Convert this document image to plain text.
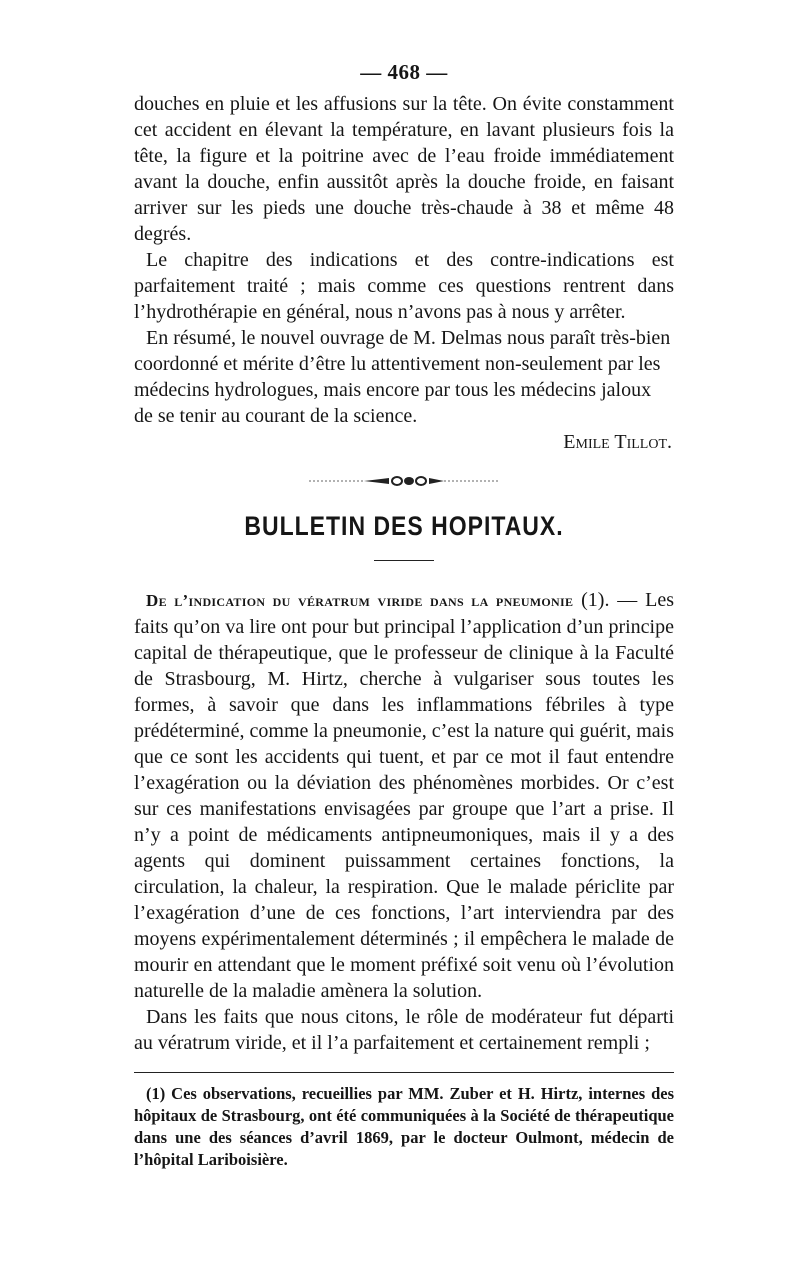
— 468 —

douches en pluie et les affusions sur la tête. On évite constamment cet accident en élevant la température, en lavant plusieurs fois la tête, la figure et la poitrine avec de l’eau froide immédiatement avant la douche, enfin aussitôt après la douche froide, en faisant arriver sur les pieds une douche très-chaude à 38 et même 48 degrés.

Le chapitre des indications et des contre-indications est parfaitement traité ; mais comme ces questions rentrent dans l’hydrothérapie en général, nous n’avons pas à nous y arrêter.

En résumé, le nouvel ouvrage de M. Delmas nous paraît très-bien coordonné et mérite d’être lu attentivement non-seulement par les médecins hydrologues, mais encore par tous les médecins jaloux de se tenir au courant de la science.

Emile Tillot.

BULLETIN DES HOPITAUX.

De l’indication du vératrum viride dans la pneumonie (1). — Les faits qu’on va lire ont pour but principal l’application d’un principe capital de thérapeutique, que le professeur de clinique à la Faculté de Strasbourg, M. Hirtz, cherche à vulgariser sous toutes les formes, à savoir que dans les inflammations fébriles à type prédéterminé, comme la pneumonie, c’est la nature qui guérit, mais que ce sont les accidents qui tuent, et par ce mot il faut entendre l’exagération ou la déviation des phénomènes morbides. Or c’est sur ces manifestations envisagées par groupe que l’art a prise. Il n’y a point de médicaments antipneumoniques, mais il y a des agents qui dominent puissamment certaines fonctions, la circulation, la chaleur, la respiration. Que le malade périclite par l’exagération d’une de ces fonctions, l’art interviendra par des moyens expérimentalement déterminés ; il empêchera le malade de mourir en attendant que le moment préfixé soit venu où l’évolution naturelle de la maladie amènera la solution.

Dans les faits que nous citons, le rôle de modérateur fut départi au vératrum viride, et il l’a parfaitement et certainement rempli ;

(1) Ces observations, recueillies par MM. Zuber et H. Hirtz, internes des hôpitaux de Strasbourg, ont été communiquées à la Société de thérapeutique dans une des séances d’avril 1869, par le docteur Oulmont, médecin de l’hôpital Lariboisière.
